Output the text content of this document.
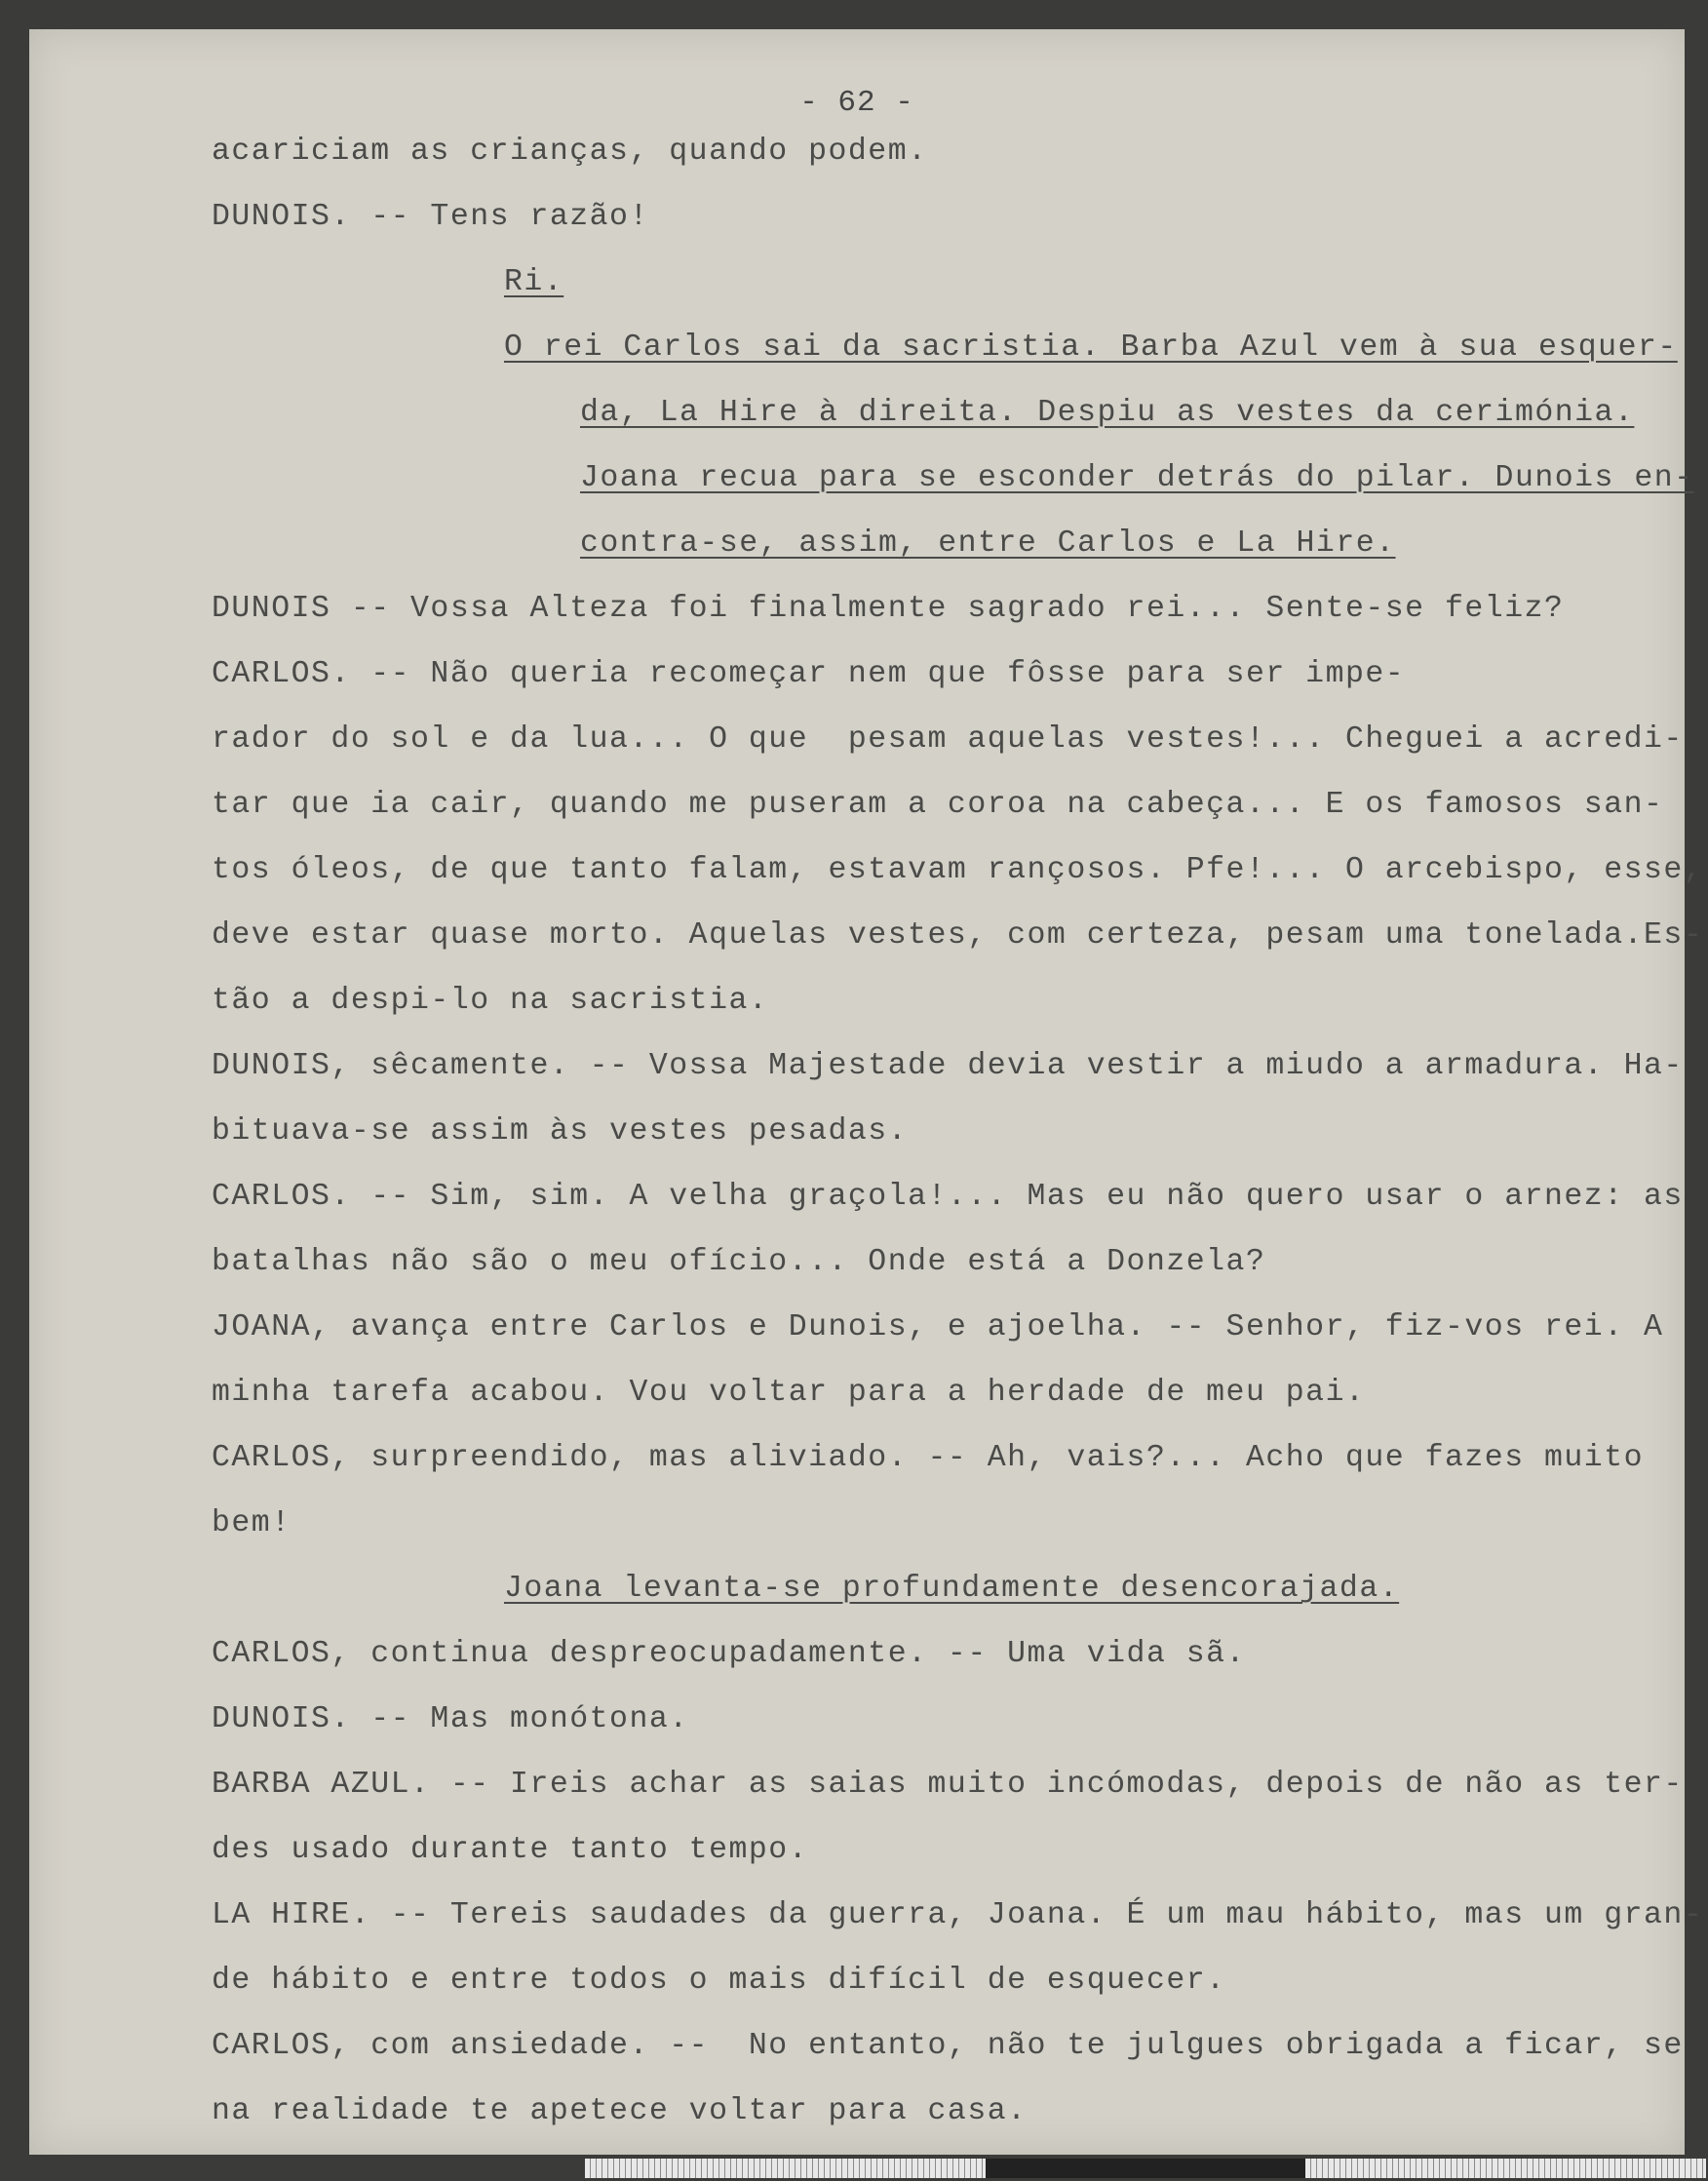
- 62 -
acariciam as crianças, quando podem.
DUNOIS. -- Tens razão!
Ri.
O rei Carlos sai da sacristia. Barba Azul vem à sua esquer-
da, La Hire à direita. Despiu as vestes da cerimónia.
Joana recua para se esconder detrás do pilar. Dunois en-
contra-se, assim, entre Carlos e La Hire.
DUNOIS -- Vossa Alteza foi finalmente sagrado rei... Sente-se feliz?
CARLOS. -- Não queria recomeçar nem que fôsse para ser impe-
rador do sol e da lua... O que  pesam aquelas vestes!... Cheguei a acredi-
tar que ia cair, quando me puseram a coroa na cabeça... E os famosos san-
tos óleos, de que tanto falam, estavam rançosos. Pfe!... O arcebispo, esse,
deve estar quase morto. Aquelas vestes, com certeza, pesam uma tonelada.Es-
tão a despi-lo na sacristia.
DUNOIS, sêcamente. -- Vossa Majestade devia vestir a miudo a armadura. Ha-
bituava-se assim às vestes pesadas.
CARLOS. -- Sim, sim. A velha graçola!... Mas eu não quero usar o arnez: as
batalhas não são o meu ofício... Onde está a Donzela?
JOANA, avança entre Carlos e Dunois, e ajoelha. -- Senhor, fiz-vos rei. A
minha tarefa acabou. Vou voltar para a herdade de meu pai.
CARLOS, surpreendido, mas aliviado. -- Ah, vais?... Acho que fazes muito
bem!
Joana levanta-se profundamente desencorajada.
CARLOS, continua despreocupadamente. -- Uma vida sã.
DUNOIS. -- Mas monótona.
BARBA AZUL. -- Ireis achar as saias muito incómodas, depois de não as ter-
des usado durante tanto tempo.
LA HIRE. -- Tereis saudades da guerra, Joana. É um mau hábito, mas um gran-
de hábito e entre todos o mais difícil de esquecer.
CARLOS, com ansiedade. --  No entanto, não te julgues obrigada a ficar, se
na realidade te apetece voltar para casa.
